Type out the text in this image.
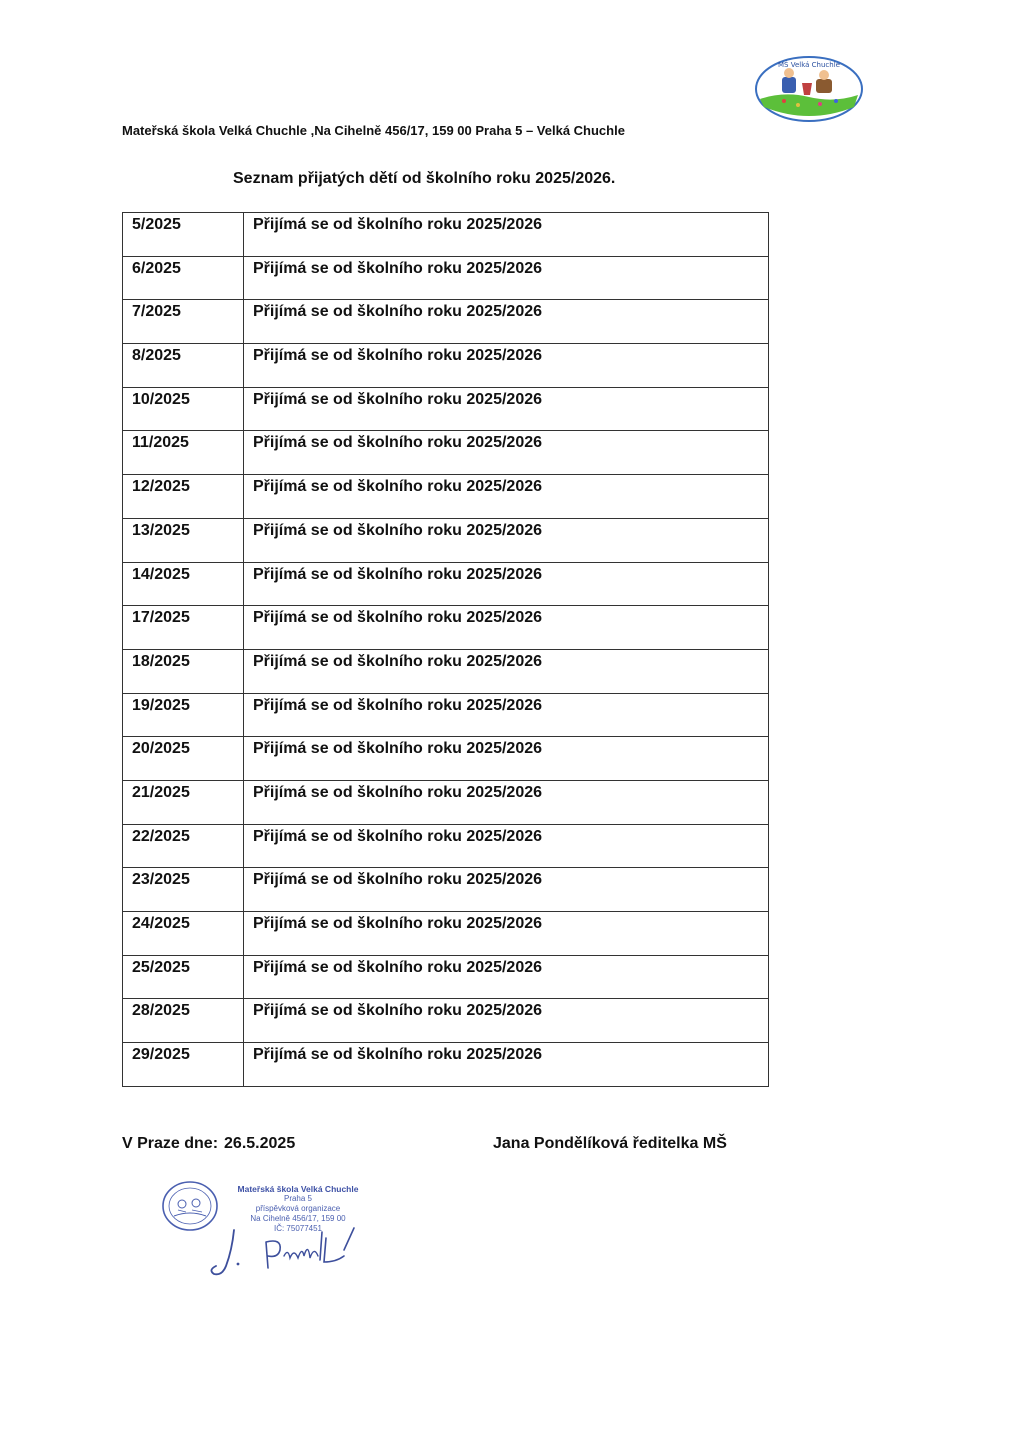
MŠ Velká Chuchle
Mateřská škola Velká Chuchle ,Na Cihelně 456/17, 159 00 Praha 5 – Velká Chuchle
Seznam přijatých dětí od školního roku 2025/2026.
5/2025	Přijímá se od školního roku 2025/2026
6/2025	Přijímá se od školního roku 2025/2026
7/2025	Přijímá se od školního roku 2025/2026
8/2025	Přijímá se od školního roku 2025/2026
10/2025	Přijímá se od školního roku 2025/2026
11/2025	Přijímá se od školního roku 2025/2026
12/2025	Přijímá se od školního roku 2025/2026
13/2025	Přijímá se od školního roku 2025/2026
14/2025	Přijímá se od školního roku 2025/2026
17/2025	Přijímá se od školního roku 2025/2026
18/2025	Přijímá se od školního roku 2025/2026
19/2025	Přijímá se od školního roku 2025/2026
20/2025	Přijímá se od školního roku 2025/2026
21/2025	Přijímá se od školního roku 2025/2026
22/2025	Přijímá se od školního roku 2025/2026
23/2025	Přijímá se od školního roku 2025/2026
24/2025	Přijímá se od školního roku 2025/2026
25/2025	Přijímá se od školního roku 2025/2026
28/2025	Přijímá se od školního roku 2025/2026
29/2025	Přijímá se od školního roku 2025/2026
V Praze dne: 26.5.2025	Jana Pondělíková ředitelka MŠ
Mateřská škola Velká Chuchle
Praha 5
příspěvková organizace
Na Cihelně 456/17, 159 00
IČ: 75077451
